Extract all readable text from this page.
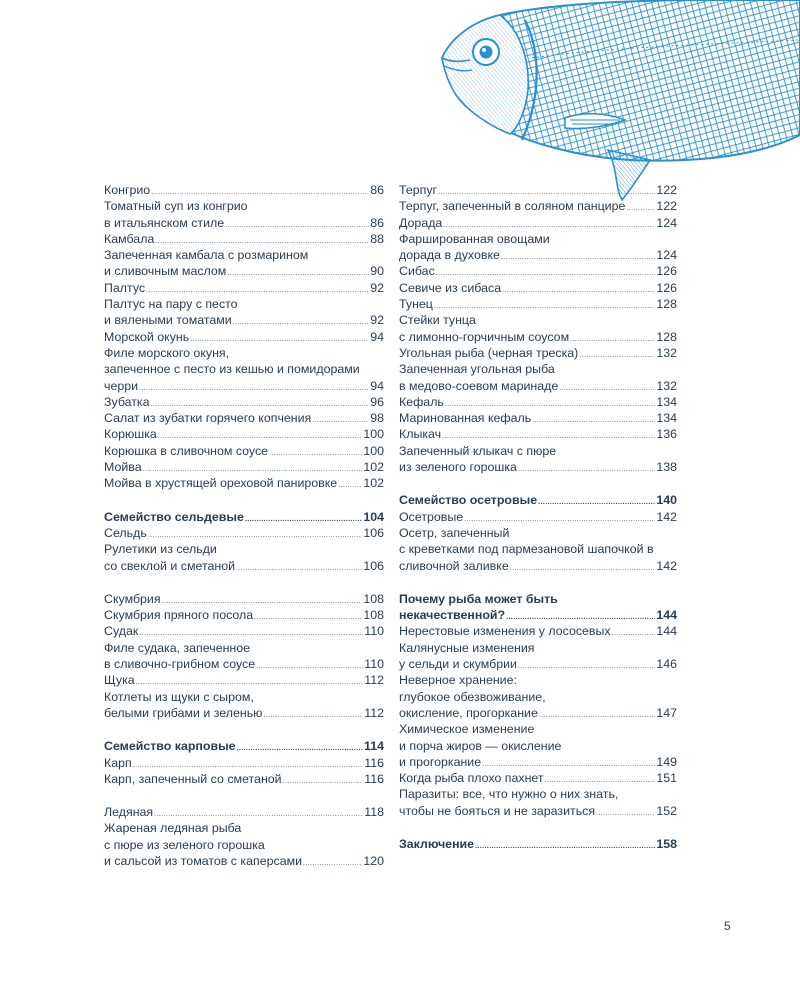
Конгрио .....	86
Томатный суп из конгрио
в итальянском стиле .....	86
Камбала .....	88
Запеченная камбала с розмарином
и сливочным маслом .....	90
Палтус .....	92
Палтус на пару с песто
и вялеными томатами .....	92
Морской окунь .....	94
Филе морского окуня,
запеченное с песто из кешью и помидорами
черри .....	94
Зубатка .....	96
Салат из зубатки горячего копчения .....	98
Корюшка .....	100
Корюшка в сливочном соусе .....	100
Мойва .....	102
Мойва в хрустящей ореховой панировке ..... 102
Семейство сельдевые .....	104
Сельдь .....	106
Рулетики из сельди
со свеклой и сметаной .....	106
Скумбрия .....	108
Скумбрия пряного посола .....	108
Судак .....	110
Филе судака, запеченное
в сливочно-грибном соусе .....	110
Щука .....	112
Котлеты из щуки с сыром,
белыми грибами и зеленью .....	112
Семейство карповые .....	114
Карп .....	116
Карп, запеченный со сметаной .....	116
Ледяная .....	118
Жареная ледяная рыба
с пюре из зеленого горошка
и сальсой из томатов с каперсами .....	120
Терпуг .....	122
Терпуг, запеченный в соляном панцире ..... 122
Дорада .....	124
Фаршированная овощами
дорада в духовке .....	124
Сибас .....	126
Севиче из сибаса .....	126
Тунец .....	128
Стейки тунца
с лимонно-горчичным соусом .....	128
Угольная рыба (черная треска) .....	132
Запеченная угольная рыба
в медово-соевом маринаде .....	132
Кефаль .....	134
Маринованная кефаль .....	134
Клыкач .....	136
Запеченный клыкач с пюре
из зеленого горошка .....	138
Семейство осетровые .....	140
Осетровые .....	142
Осетр, запеченный
с креветками под пармезановой шапочкой в
сливочной заливке .....	142
Почему рыба может быть
некачественной? .....	144
Нерестовые изменения у лососевых .....	144
Калянусные изменения
у сельди и скумбрии .....	146
Неверное хранение:
глубокое обезвоживание,
окисление, прогоркание .....	147
Химическое изменение
и порча жиров — окисление
и прогоркание .....	149
Когда рыба плохо пахнет .....	151
Паразиты: все, что нужно о них знать,
чтобы не бояться и не заразиться .....	152
Заключение .....	158
5
